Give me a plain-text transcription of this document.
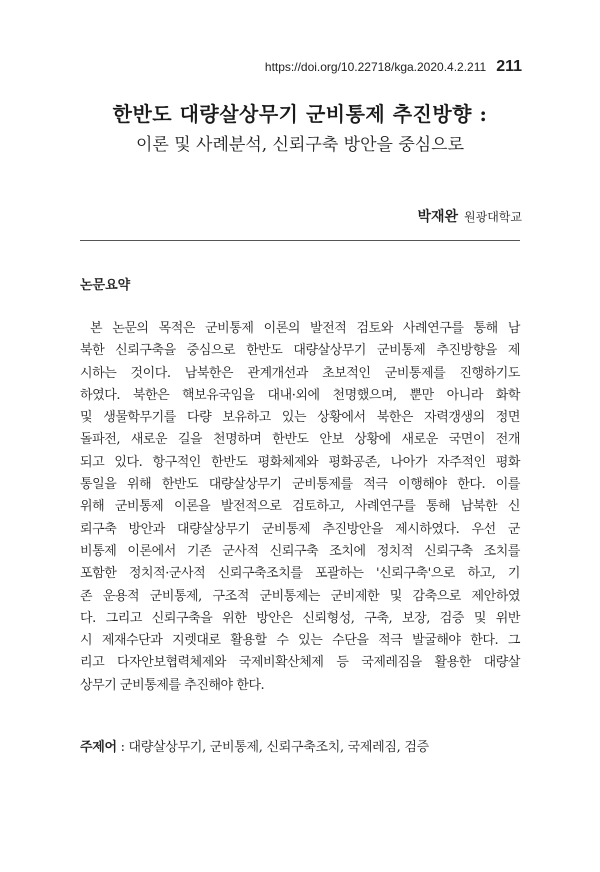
https://doi.org/10.22718/kga.2020.4.2.211 211
한반도 대량살상무기 군비통제 추진방향 :
이론 및 사례분석, 신뢰구축 방안을 중심으로
박재완 원광대학교
논문요약
본 논문의 목적은 군비통제 이론의 발전적 검토와 사례연구를 통해 남
북한 신뢰구축을 중심으로 한반도 대량살상무기 군비통제 추진방향을 제
시하는 것이다. 남북한은 관계개선과 초보적인 군비통제를 진행하기도
하였다. 북한은 핵보유국임을 대내·외에 천명했으며, 뿐만 아니라 화학
및 생물학무기를 다량 보유하고 있는 상황에서 북한은 자력갱생의 정면
돌파전, 새로운 길을 천명하며 한반도 안보 상황에 새로운 국면이 전개
되고 있다. 항구적인 한반도 평화체제와 평화공존, 나아가 자주적인 평화
통일을 위해 한반도 대량살상무기 군비통제를 적극 이행해야 한다. 이를
위해 군비통제 이론을 발전적으로 검토하고, 사례연구를 통해 남북한 신
뢰구축 방안과 대량살상무기 군비통제 추진방안을 제시하였다. 우선 군
비통제 이론에서 기존 군사적 신뢰구축 조치에 정치적 신뢰구축 조치를
포함한 정치적·군사적 신뢰구축조치를 포괄하는 '신뢰구축'으로 하고, 기
존 운용적 군비통제, 구조적 군비통제는 군비제한 및 감축으로 제안하였
다. 그리고 신뢰구축을 위한 방안은 신뢰형성, 구축, 보장, 검증 및 위반
시 제재수단과 지렛대로 활용할 수 있는 수단을 적극 발굴해야 한다. 그
리고 다자안보협력체제와 국제비확산체제 등 국제레짐을 활용한 대량살
상무기 군비통제를 추진해야 한다.
주제어 : 대량살상무기, 군비통제, 신뢰구축조치, 국제레짐, 검증
